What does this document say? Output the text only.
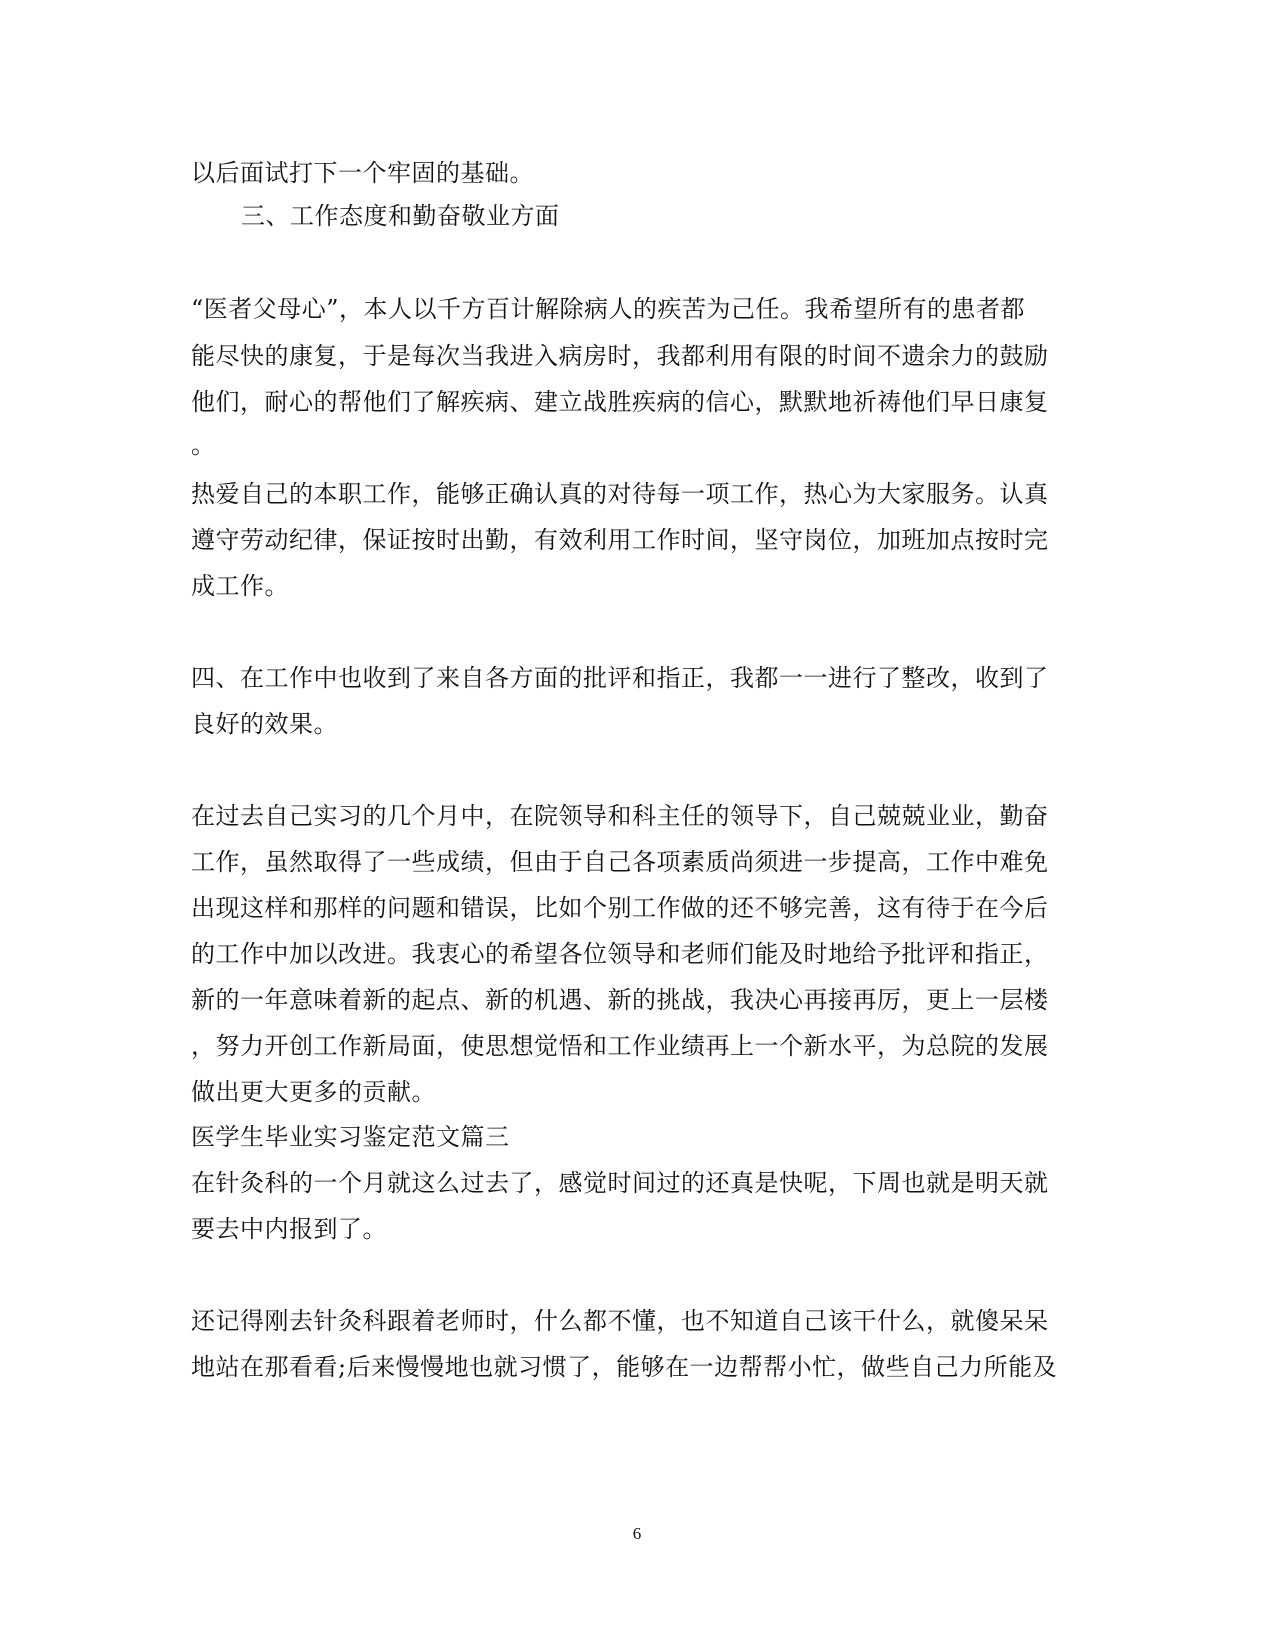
以后面试打下一个牢固的基础。
三、工作态度和勤奋敬业方面
“医者父母心”，本人以千方百计解除病人的疾苦为己任。我希望所有的患者都
能尽快的康复，于是每次当我进入病房时，我都利用有限的时间不遗余力的鼓励
他们，耐心的帮他们了解疾病、建立战胜疾病的信心，默默地祈祷他们早日康复
。
热爱自己的本职工作，能够正确认真的对待每一项工作，热心为大家服务。认真
遵守劳动纪律，保证按时出勤，有效利用工作时间，坚守岗位，加班加点按时完
成工作。
四、在工作中也收到了来自各方面的批评和指正，我都一一进行了整改，收到了
良好的效果。
在过去自己实习的几个月中，在院领导和科主任的领导下，自己兢兢业业，勤奋
工作，虽然取得了一些成绩，但由于自己各项素质尚须进一步提高，工作中难免
出现这样和那样的问题和错误，比如个别工作做的还不够完善，这有待于在今后
的工作中加以改进。我衷心的希望各位领导和老师们能及时地给予批评和指正，
新的一年意味着新的起点、新的机遇、新的挑战，我决心再接再厉，更上一层楼
，努力开创工作新局面，使思想觉悟和工作业绩再上一个新水平，为总院的发展
做出更大更多的贡献。
医学生毕业实习鉴定范文篇三
在针灸科的一个月就这么过去了，感觉时间过的还真是快呢，下周也就是明天就
要去中内报到了。
还记得刚去针灸科跟着老师时，什么都不懂，也不知道自己该干什么，就傻呆呆
地站在那看看;后来慢慢地也就习惯了，能够在一边帮帮小忙，做些自己力所能及
6
